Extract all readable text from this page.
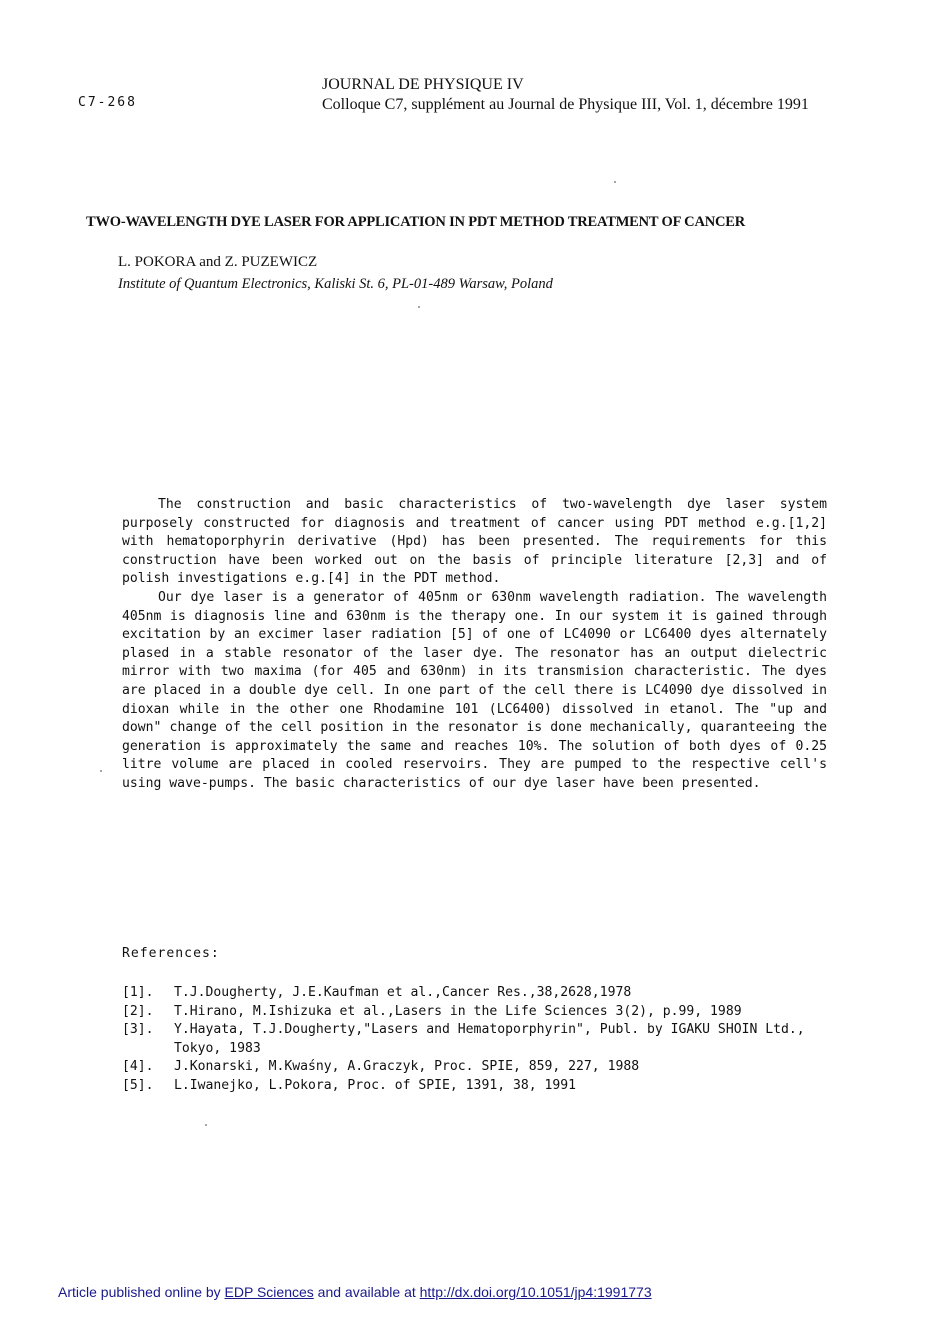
C7-268
JOURNAL DE PHYSIQUE IV
Colloque C7, supplément au Journal de Physique III, Vol. 1, décembre 1991
TWO-WAVELENGTH DYE LASER FOR APPLICATION IN PDT METHOD TREATMENT OF CANCER
L. POKORA and Z. PUZEWICZ
Institute of Quantum Electronics, Kaliski St. 6, PL-01-489 Warsaw, Poland

The construction and basic characteristics of two-wavelength dye laser system purposely constructed for diagnosis and treatment of cancer using PDT method e.g.[1,2] with hematoporphyrin derivative (Hpd) has been presented. The requirements for this construction have been worked out on the basis of principle literature [2,3] and of polish investigations e.g.[4] in the PDT method.

Our dye laser is a generator of 405nm or 630nm wavelength radiation. The wavelength 405nm is diagnosis line and 630nm is the therapy one. In our system it is gained through excitation by an excimer laser radiation [5] of one of LC4090 or LC6400 dyes alternately plased in a stable resonator of the laser dye. The resonator has an output dielectric mirror with two maxima (for 405 and 630nm) in its transmision characteristic. The dyes are placed in a double dye cell. In one part of the cell there is LC4090 dye dissolved in dioxan while in the other one Rhodamine 101 (LC6400) dissolved in etanol. The "up and down" change of the cell position in the resonator is done mechanically, quaranteeing the generation is approximately the same and reaches 10%. The solution of both dyes of 0.25 litre volume are placed in cooled reservoirs. They are pumped to the respective cell's using wave-pumps. The basic characteristics of our dye laser have been presented.

References:
[1]. T.J.Dougherty, J.E.Kaufman et al.,Cancer Res.,38,2628,1978
[2]. T.Hirano, M.Ishizuka et al.,Lasers in the Life Sciences 3(2), p.99, 1989
[3]. Y.Hayata, T.J.Dougherty,"Lasers and Hematoporphyrin", Publ. by IGAKU SHOIN Ltd., Tokyo, 1983
[4]. J.Konarski, M.Kwaśny, A.Graczyk, Proc. SPIE, 859, 227, 1988
[5]. L.Iwanejko, L.Pokora, Proc. of SPIE, 1391, 38, 1991
Article published online by EDP Sciences and available at http://dx.doi.org/10.1051/jp4:1991773
